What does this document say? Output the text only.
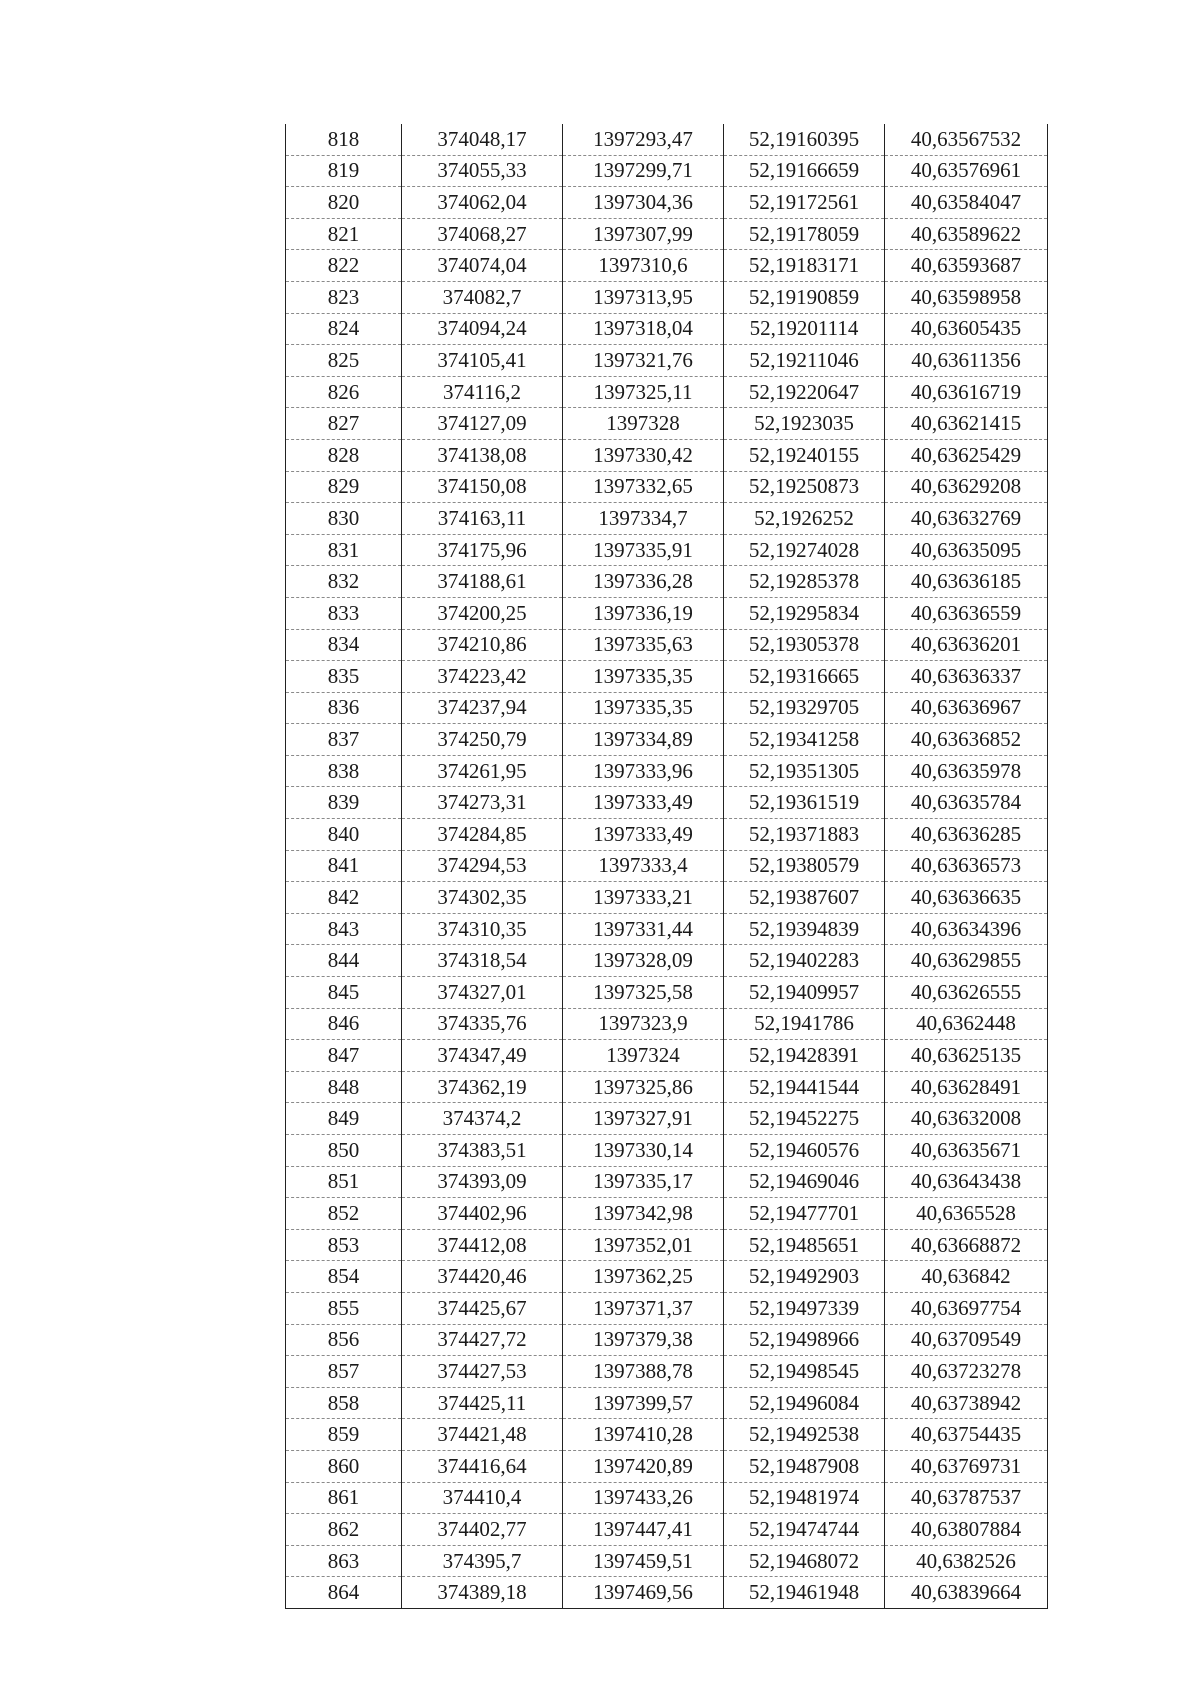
818	374048,17	1397293,47	52,19160395	40,63567532
819	374055,33	1397299,71	52,19166659	40,63576961
820	374062,04	1397304,36	52,19172561	40,63584047
821	374068,27	1397307,99	52,19178059	40,63589622
822	374074,04	1397310,6	52,19183171	40,63593687
823	374082,7	1397313,95	52,19190859	40,63598958
824	374094,24	1397318,04	52,19201114	40,63605435
825	374105,41	1397321,76	52,19211046	40,63611356
826	374116,2	1397325,11	52,19220647	40,63616719
827	374127,09	1397328	52,1923035	40,63621415
828	374138,08	1397330,42	52,19240155	40,63625429
829	374150,08	1397332,65	52,19250873	40,63629208
830	374163,11	1397334,7	52,1926252	40,63632769
831	374175,96	1397335,91	52,19274028	40,63635095
832	374188,61	1397336,28	52,19285378	40,63636185
833	374200,25	1397336,19	52,19295834	40,63636559
834	374210,86	1397335,63	52,19305378	40,63636201
835	374223,42	1397335,35	52,19316665	40,63636337
836	374237,94	1397335,35	52,19329705	40,63636967
837	374250,79	1397334,89	52,19341258	40,63636852
838	374261,95	1397333,96	52,19351305	40,63635978
839	374273,31	1397333,49	52,19361519	40,63635784
840	374284,85	1397333,49	52,19371883	40,63636285
841	374294,53	1397333,4	52,19380579	40,63636573
842	374302,35	1397333,21	52,19387607	40,63636635
843	374310,35	1397331,44	52,19394839	40,63634396
844	374318,54	1397328,09	52,19402283	40,63629855
845	374327,01	1397325,58	52,19409957	40,63626555
846	374335,76	1397323,9	52,1941786	40,6362448
847	374347,49	1397324	52,19428391	40,63625135
848	374362,19	1397325,86	52,19441544	40,63628491
849	374374,2	1397327,91	52,19452275	40,63632008
850	374383,51	1397330,14	52,19460576	40,63635671
851	374393,09	1397335,17	52,19469046	40,63643438
852	374402,96	1397342,98	52,19477701	40,6365528
853	374412,08	1397352,01	52,19485651	40,63668872
854	374420,46	1397362,25	52,19492903	40,636842
855	374425,67	1397371,37	52,19497339	40,63697754
856	374427,72	1397379,38	52,19498966	40,63709549
857	374427,53	1397388,78	52,19498545	40,63723278
858	374425,11	1397399,57	52,19496084	40,63738942
859	374421,48	1397410,28	52,19492538	40,63754435
860	374416,64	1397420,89	52,19487908	40,63769731
861	374410,4	1397433,26	52,19481974	40,63787537
862	374402,77	1397447,41	52,19474744	40,63807884
863	374395,7	1397459,51	52,19468072	40,6382526
864	374389,18	1397469,56	52,19461948	40,63839664
